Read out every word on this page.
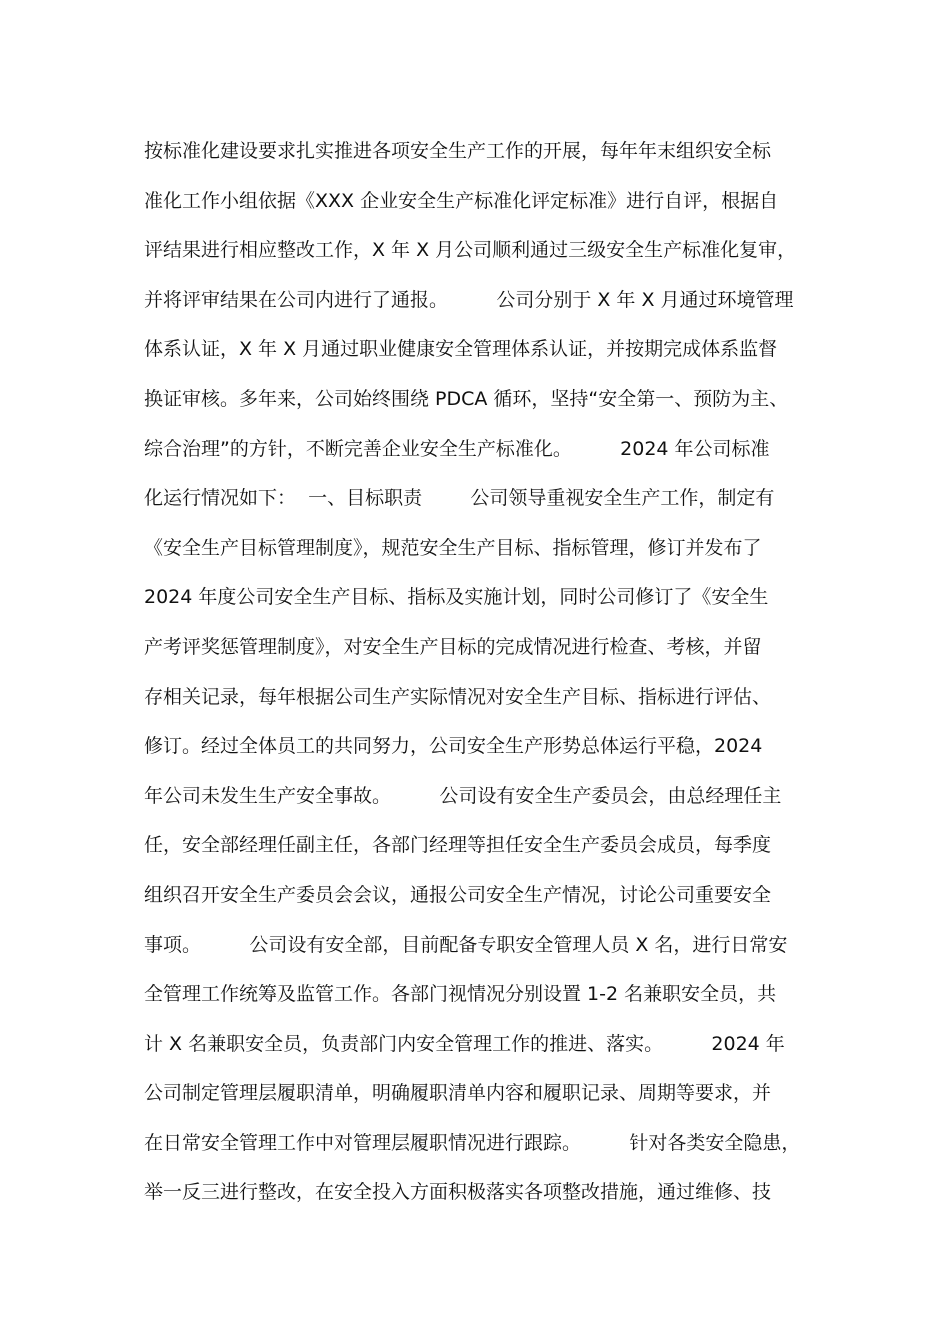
按标准化建设要求扎实推进各项安全生产工作的开展，每年年末组织安全标
准化工作小组依据《XXX 企业安全生产标准化评定标准》进行自评，根据自
评结果进行相应整改工作，X 年 X 月公司顺利通过三级安全生产标准化复审，
并将评审结果在公司内进行了通报。        公司分别于 X 年 X 月通过环境管理
体系认证，X 年 X 月通过职业健康安全管理体系认证，并按期完成体系监督
换证审核。多年来，公司始终围绕 PDCA 循环，坚持“安全第一、预防为主、
综合治理”的方针，不断完善企业安全生产标准化。        2024 年公司标准
化运行情况如下：  一、目标职责        公司领导重视安全生产工作，制定有
《安全生产目标管理制度》，规范安全生产目标、指标管理，修订并发布了
2024 年度公司安全生产目标、指标及实施计划，同时公司修订了《安全生
产考评奖惩管理制度》，对安全生产目标的完成情况进行检查、考核，并留
存相关记录，每年根据公司生产实际情况对安全生产目标、指标进行评估、
修订。经过全体员工的共同努力，公司安全生产形势总体运行平稳，2024
年公司未发生生产安全事故。        公司设有安全生产委员会，由总经理任主
任，安全部经理任副主任，各部门经理等担任安全生产委员会成员，每季度
组织召开安全生产委员会会议，通报公司安全生产情况，讨论公司重要安全
事项。        公司设有安全部，目前配备专职安全管理人员 X 名，进行日常安
全管理工作统筹及监管工作。各部门视情况分别设置 1-2 名兼职安全员，共
计 X 名兼职安全员，负责部门内安全管理工作的推进、落实。        2024 年
公司制定管理层履职清单，明确履职清单内容和履职记录、周期等要求，并
在日常安全管理工作中对管理层履职情况进行跟踪。        针对各类安全隐患，
举一反三进行整改，在安全投入方面积极落实各项整改措施，通过维修、技
